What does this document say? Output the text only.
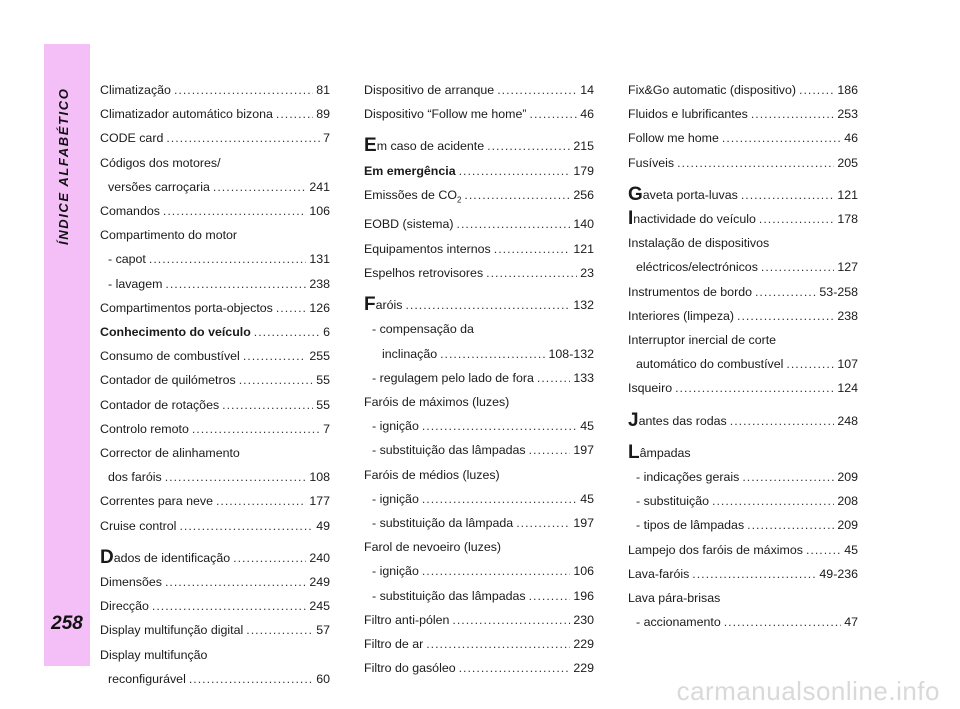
ÍNDICE ALFABÉTICO
258
Climatização .....	81
Climatizador automático bizona .....	89
CODE card .....	7
Códigos dos motores/
versões carroçaria .....	241
Comandos .....	106
Compartimento do motor
- capot .....	131
- lavagem .....	238
Compartimentos porta-objectos .....	126
Conhecimento do veículo .....	6
Consumo de combustível .....	255
Contador de quilómetros .....	55
Contador de rotações .....	55
Controlo remoto .....	7
Corrector de alinhamento
dos faróis .....	108
Correntes para neve .....	177
Cruise control .....	49
Dados de identificação .....	240
Dimensões .....	249
Direcção .....	245
Display multifunção digital .....	57
Display multifunção
reconfigurável .....	60
Dispositivo de arranque .....	14
Dispositivo “Follow me home” .....	46
Em caso de acidente .....	215
Em emergência .....	179
Emissões de $CO_2$ .....	256
EOBD (sistema) .....	140
Equipamentos internos .....	121
Espelhos retrovisores .....	23
Faróis .....	132
- compensação da
inclinação .....	108-132
- regulagem pelo lado de fora .....	133
Faróis de máximos (luzes)
- ignição .....	45
- substituição das lâmpadas .....	197
Faróis de médios (luzes)
- ignição .....	45
- substituição da lâmpada .....	197
Farol de nevoeiro (luzes)
- ignição .....	106
- substituição das lâmpadas .....	196
Filtro anti-pólen .....	230
Filtro de ar .....	229
Filtro do gasóleo .....	229
Fix&Go automatic (dispositivo) .....	186
Fluidos e lubrificantes .....	253
Follow me home .....	46
Fusíveis .....	205
Gaveta porta-luvas .....	121
Inactividade do veículo .....	178
Instalação de dispositivos
eléctricos/electrónicos .....	127
Instrumentos de bordo .....	53-258
Interiores (limpeza) .....	238
Interruptor inercial de corte
automático do combustível .....	107
Isqueiro .....	124
Jantes das rodas .....	248
Lâmpadas
- indicações gerais .....	209
- substituição .....	208
- tipos de lâmpadas .....	209
Lampejo dos faróis de máximos .....	45
Lava-faróis .....	49-236
Lava pára-brisas
- accionamento .....	47
carmanualsonline.info
